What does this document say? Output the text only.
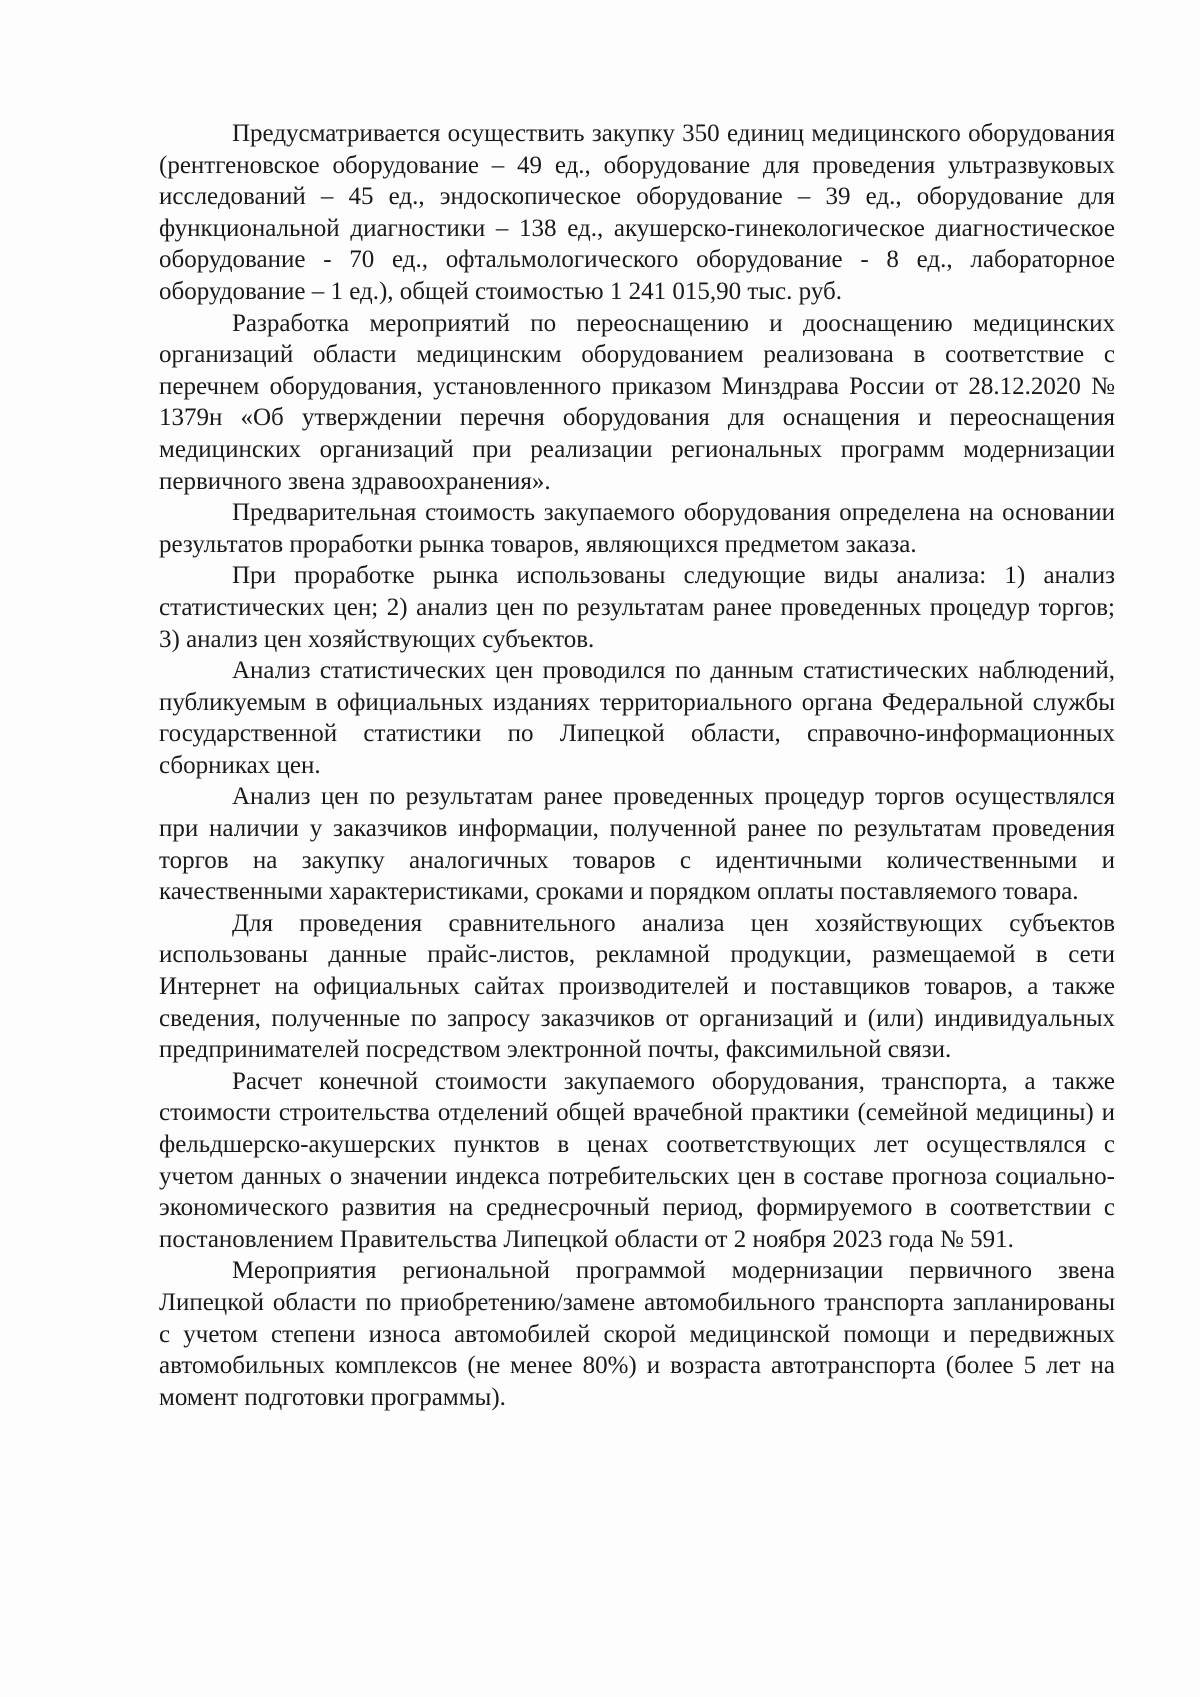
Предусматривается осуществить закупку 350 единиц медицинского оборудования (рентгеновское оборудование – 49 ед., оборудование для проведения ультразвуковых исследований – 45 ед., эндоскопическое оборудование – 39 ед., оборудование для функциональной диагностики – 138 ед., акушерско-гинекологическое диагностическое оборудование - 70 ед., офтальмологического оборудование - 8 ед., лабораторное оборудование – 1 ед.), общей стоимостью 1 241 015,90 тыс. руб.

Разработка мероприятий по переоснащению и дооснащению медицинских организаций области медицинским оборудованием реализована в соответствие с перечнем оборудования, установленного приказом Минздрава России от 28.12.2020 № 1379н «Об утверждении перечня оборудования для оснащения и переоснащения медицинских организаций при реализации региональных программ модернизации первичного звена здравоохранения».

Предварительная стоимость закупаемого оборудования определена на основании результатов проработки рынка товаров, являющихся предметом заказа.

При проработке рынка использованы следующие виды анализа: 1) анализ статистических цен; 2) анализ цен по результатам ранее проведенных процедур торгов; 3) анализ цен хозяйствующих субъектов.

Анализ статистических цен проводился по данным статистических наблюдений, публикуемым в официальных изданиях территориального органа Федеральной службы государственной статистики по Липецкой области, справочно-информационных сборниках цен.

Анализ цен по результатам ранее проведенных процедур торгов осуществлялся при наличии у заказчиков информации, полученной ранее по результатам проведения торгов на закупку аналогичных товаров с идентичными количественными и качественными характеристиками, сроками и порядком оплаты поставляемого товара.

Для проведения сравнительного анализа цен хозяйствующих субъектов использованы данные прайс-листов, рекламной продукции, размещаемой в сети Интернет на официальных сайтах производителей и поставщиков товаров, а также сведения, полученные по запросу заказчиков от организаций и (или) индивидуальных предпринимателей посредством электронной почты, факсимильной связи.

Расчет конечной стоимости закупаемого оборудования, транспорта, а также стоимости строительства отделений общей врачебной практики (семейной медицины) и фельдшерско-акушерских пунктов в ценах соответствующих лет осуществлялся с учетом данных о значении индекса потребительских цен в составе прогноза социально-экономического развития на среднесрочный период, формируемого в соответствии с постановлением Правительства Липецкой области от 2 ноября 2023 года № 591.

Мероприятия региональной программой модернизации первичного звена Липецкой области по приобретению/замене автомобильного транспорта запланированы с учетом степени износа автомобилей скорой медицинской помощи и передвижных автомобильных комплексов (не менее 80%) и возраста автотранспорта (более 5 лет на момент подготовки программы).
